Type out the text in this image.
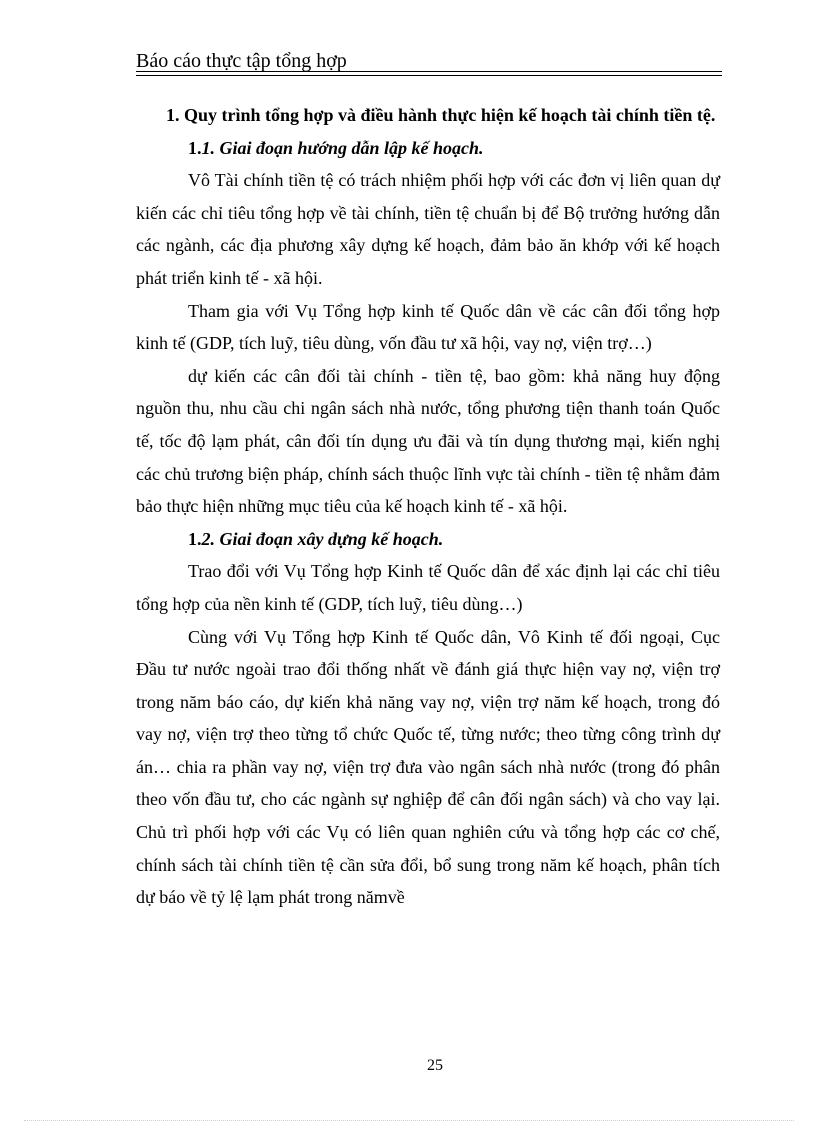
Báo cáo thực tập tổng hợp

1. Quy trình tổng hợp và điều hành thực hiện kế hoạch tài chính tiền tệ.

1.1. Giai đoạn hướng dẫn lập kế hoạch.

Vô Tài chính tiền tệ có trách nhiệm phối hợp với các đơn vị liên quan dự kiến các chỉ tiêu tổng hợp về tài chính, tiền tệ chuẩn bị để Bộ trưởng hướng dẫn các ngành, các địa phương xây dựng kế hoạch, đảm bảo ăn khớp với kế hoạch phát triển kinh tế - xã hội.

Tham gia với Vụ Tổng hợp kinh tế Quốc dân về các cân đối tổng hợp kinh tế (GDP, tích luỹ, tiêu dùng, vốn đầu tư xã hội, vay nợ, viện trợ…)

dự kiến các cân đối tài chính - tiền tệ, bao gồm: khả năng huy động nguồn thu, nhu cầu chi ngân sách nhà nước, tổng phương tiện thanh toán Quốc tế, tốc độ lạm phát, cân đối tín dụng ưu đãi và tín dụng thương mại, kiến nghị các chủ trương biện pháp, chính sách thuộc lĩnh vực tài chính - tiền tệ nhằm đảm bảo thực hiện những mục tiêu của kế hoạch kinh tế - xã hội.

1.2. Giai đoạn xây dựng kế hoạch.

Trao đổi với Vụ Tổng hợp Kinh tế Quốc dân để xác định lại các chỉ tiêu tổng hợp của nền kinh tế (GDP, tích luỹ, tiêu dùng…)

Cùng với Vụ Tổng hợp Kinh tế Quốc dân, Vô Kinh tế đối ngoại, Cục Đầu tư nước ngoài trao đổi thống nhất về đánh giá thực hiện vay nợ, viện trợ trong năm báo cáo, dự kiến khả năng vay nợ, viện trợ năm kế hoạch, trong đó vay nợ, viện trợ theo từng tổ chức Quốc tế, từng nước; theo từng công trình dự án… chia ra phần vay nợ, viện trợ đưa vào ngân sách nhà nước (trong đó phân theo vốn đầu tư, cho các ngành sự nghiệp để cân đối ngân sách) và cho vay lại. Chủ trì phối hợp với các Vụ có liên quan nghiên cứu và tổng hợp các cơ chế, chính sách tài chính tiền tệ cần sửa đổi, bổ sung trong năm kế hoạch, phân tích dự báo về tỷ lệ lạm phát trong nămvề

25
